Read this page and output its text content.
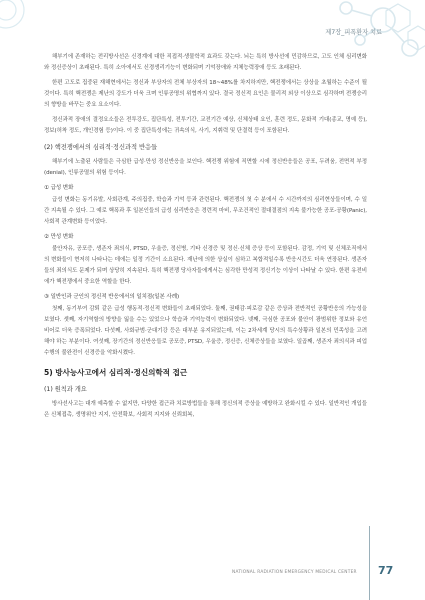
제7장_피폭환자 치료

해부기에 존재하는 전리방사선은 신경계에 대한 직접적·생물학적 효과도 갖는다. 뇌는 특히 방사선에 민감하므로, 고도 인체 심리변화와 정신증상이 초래된다. 특히 소아에서도 신경생리기능이 변화되며 기억장애와 지체능력장애 등도 초래된다.

한편 고도로 집중된 재해현에서는 정신과 부상자의 전체 부상자의 18~48%를 차지하지만, 핵전쟁에서는 상상을 초월하는 수준이 될 것이다. 특히 핵전쟁은 제난의 강도가 더욱 크며 인류공명의 위협까지 있다. 결국 정신적 요인은 물리적 외상 이상으로 심각하며 전쟁승리의 향방을 바꾸는 중요 요소이다.

정신과적 장애의 결정요소들은 전투강도, 집단특성, 전투기간, 교전기간 예상, 신체상태 요인, 훈련 정도, 문화적 기대(종교, 명예 등), 정보(허착 정도, 개인경험 등)이다. 이 중 집단특성에는 귀속의식, 사기, 지휘력 및 단결력 등이 포함된다.

(2) 핵전쟁에서의 심리적·정신과적 반응들

해부기에 노출된 사람들은 극심한 급성·만성 정신반응을 보인다. 핵전쟁 위험에 직면할 시에 정신반응들은 공포, 두려움, 전면적 부정(denial), 인류공멸의 위험 등이다.

① 급성 변화

급성 변화는 동기유발, 사회관계, 주의집중, 학습과 기억 등과 관련된다. 핵전쟁의 첫 수 분에서 수 시간까지의 심리현상들이며, 수 일간 지속될 수 있다. 그 예로 핵폭과 후 일본인들의 급성 심리반응은 경련적 마비, 무조건적인 절대결점의 지속 불가능한 공포-공황(Panic), 사회적 관계변화 등이었다.

② 만성 변화

불안자유, 공포증, 생존자 죄의식, PTSD, 우울증, 정신병, 기타 신경증 및 정신·신체 증상 등이 포함된다. 감정, 기억 및 신체조직에서의 변화들이 현저히 나타나는 데에는 일정 기간이 소요된다. 재난에 의한 상실이 심하고 복합적일수록 반응시간도 더욱 연장된다. 생존자들의 죄의식도 문제가 되며 상당히 지속된다. 특히 핵전쟁 당사자들에게서는 심각한 만성적 정신기능 이상이 나타날 수 있다. 한편 유전비에가 핵전쟁에서 중요한 역할을 한다.

③ 일반인과 군인의 정신적 반응에서의 일치점(일본 사례)

첫째, 동기부여 감퇴 같은 급성 행동적·정신적 변화들이 초래되었다. 둘째, 권태감·피로감 같은 증상과 전반적인 공황반응의 가능성을 보였다. 셋째, 자기역할의 방향을 잃을 수는 있었으나 학습과 기억능력이 변화되었다. 넷째, 극심한 공포와 불안이 광범위한 정보와 유언비어로 더욱 증폭되었다. 다섯째, 사회규범·군대기강 등은 대부분 유지되었는데, 이는 2차세계 당시의 특수상황과 일본의 민족성을 고려해야 하는 부분이다. 여섯째, 장기간의 정신반응들로 공포증, PTSD, 우울증, 정신증, 신체증상들을 보였다. 일곱째, 생존자 죄의식과 피업수행의 불완전이 신경증을 악화시켰다.

5) 방사능사고에서 심리적·정신의학적 접근
(1) 원칙과 개요

방사선사고는 대개 예측할 수 없지만, 다양한 접근과 치료방법들을 통해 정신의적 증상을 예방하고 완화시킬 수 있다. 일반적인 개입들은 신체접촉, 생명위안 지지, 안전확보, 사회적 지지와 신뢰회복,

NATIONAL RADIATION EMERGENCY MEDICAL CENTER 77
